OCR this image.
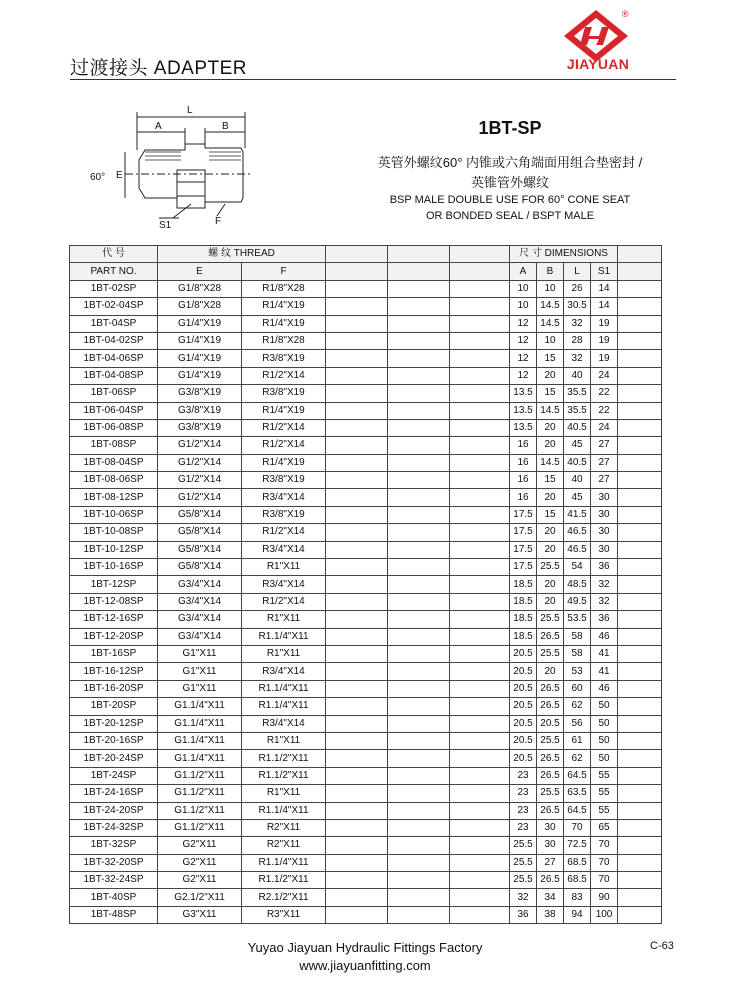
过渡接头 ADAPTER
®
JIAYUAN
1BT-SP
英管外螺纹60° 内锥或六角端面用组合垫密封 /
英锥管外螺纹
BSP MALE DOUBLE USE FOR 60° CONE SEAT
OR BONDED SEAL / BSPT MALE
L
A	B
E
F
S1
60°
代 号	螺 纹 THREAD					尺 寸 DIMENSIONS				
PART NO.	E	F				A	B	L	S1	
1BT-02SP	G1/8"X28	R1/8"X28				10	10	26	14	
1BT-02-04SP	G1/8"X28	R1/4"X19				10	14.5	30.5	14	
1BT-04SP	G1/4"X19	R1/4"X19				12	14.5	32	19	
1BT-04-02SP	G1/4"X19	R1/8"X28				12	10	28	19	
1BT-04-06SP	G1/4"X19	R3/8"X19				12	15	32	19	
1BT-04-08SP	G1/4"X19	R1/2"X14				12	20	40	24	
1BT-06SP	G3/8"X19	R3/8"X19				13.5	15	35.5	22	
1BT-06-04SP	G3/8"X19	R1/4"X19				13.5	14.5	35.5	22	
1BT-06-08SP	G3/8"X19	R1/2"X14				13.5	20	40.5	24	
1BT-08SP	G1/2"X14	R1/2"X14				16	20	45	27	
1BT-08-04SP	G1/2"X14	R1/4"X19				16	14.5	40.5	27	
1BT-08-06SP	G1/2"X14	R3/8"X19				16	15	40	27	
1BT-08-12SP	G1/2"X14	R3/4"X14				16	20	45	30	
1BT-10-06SP	G5/8"X14	R3/8"X19				17.5	15	41.5	30	
1BT-10-08SP	G5/8"X14	R1/2"X14				17.5	20	46.5	30	
1BT-10-12SP	G5/8"X14	R3/4"X14				17.5	20	46.5	30	
1BT-10-16SP	G5/8"X14	R1"X11				17.5	25.5	54	36	
1BT-12SP	G3/4"X14	R3/4"X14				18.5	20	48.5	32	
1BT-12-08SP	G3/4"X14	R1/2"X14				18.5	20	49.5	32	
1BT-12-16SP	G3/4"X14	R1"X11				18.5	25.5	53.5	36	
1BT-12-20SP	G3/4"X14	R1.1/4"X11				18.5	26.5	58	46	
1BT-16SP	G1"X11	R1"X11				20.5	25.5	58	41	
1BT-16-12SP	G1"X11	R3/4"X14				20.5	20	53	41	
1BT-16-20SP	G1"X11	R1.1/4"X11				20.5	26.5	60	46	
1BT-20SP	G1.1/4"X11	R1.1/4"X11				20.5	26.5	62	50	
1BT-20-12SP	G1.1/4"X11	R3/4"X14				20.5	20.5	56	50	
1BT-20-16SP	G1.1/4"X11	R1"X11				20.5	25.5	61	50	
1BT-20-24SP	G1.1/4"X11	R1.1/2"X11				20.5	26.5	62	50	
1BT-24SP	G1.1/2"X11	R1.1/2"X11				23	26.5	64.5	55	
1BT-24-16SP	G1.1/2"X11	R1"X11				23	25.5	63.5	55	
1BT-24-20SP	G1.1/2"X11	R1.1/4"X11				23	26.5	64.5	55	
1BT-24-32SP	G1.1/2"X11	R2"X11				23	30	70	65	
1BT-32SP	G2"X11	R2"X11				25.5	30	72.5	70	
1BT-32-20SP	G2"X11	R1.1/4"X11				25.5	27	68.5	70	
1BT-32-24SP	G2"X11	R1.1/2"X11				25.5	26.5	68.5	70	
1BT-40SP	G2.1/2"X11	R2.1/2"X11				32	34	83	90	
1BT-48SP	G3"X11	R3"X11				36	38	94	100	
Yuyao Jiayuan Hydraulic Fittings Factory
www.jiayuanfitting.com
C-63
